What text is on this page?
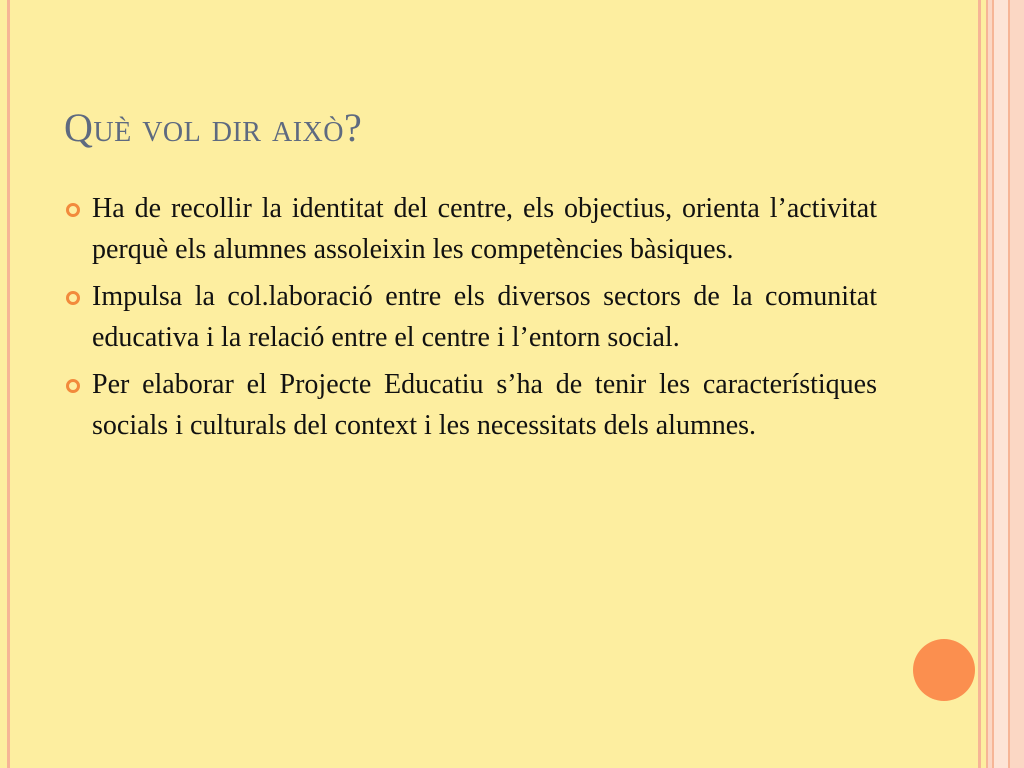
Què vol dir això?
Ha de recollir la identitat del centre, els objectius, orienta l’activitat perquè els alumnes assoleixin les competències bàsiques.
Impulsa la col.laboració entre els diversos sectors de la comunitat educativa i la relació entre el centre i l’entorn social.
Per elaborar el Projecte Educatiu s’ha de tenir les característiques socials i culturals del context i les necessitats dels alumnes.
